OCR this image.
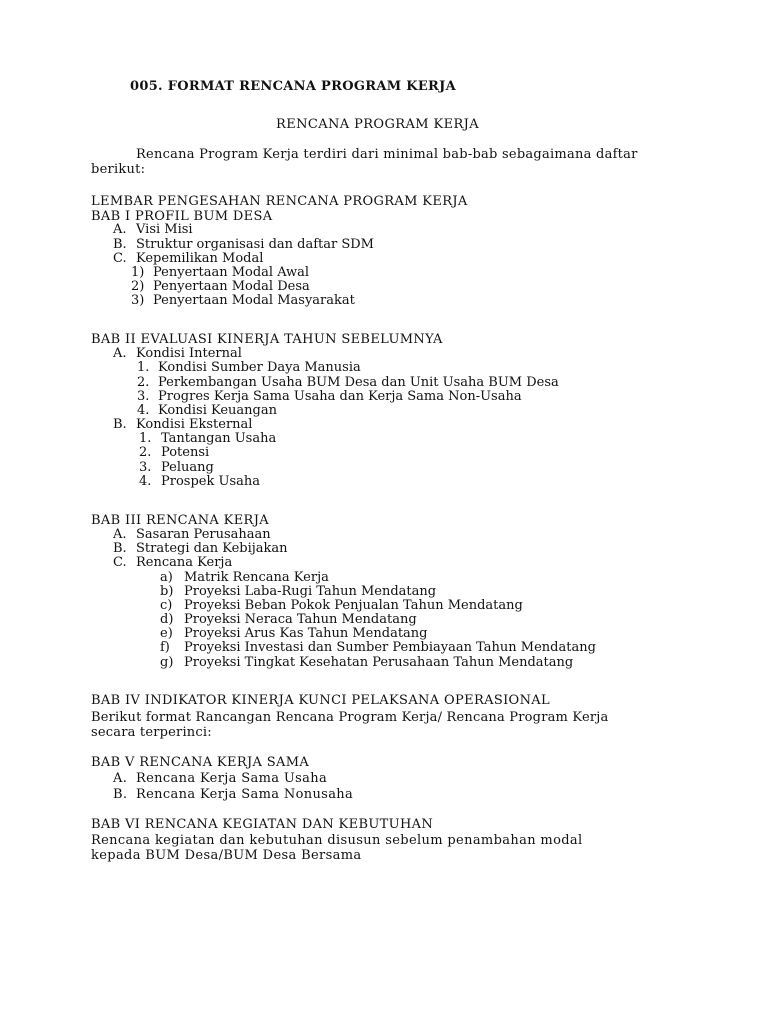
005. FORMAT RENCANA PROGRAM KERJA
RENCANA PROGRAM KERJA
Rencana Program Kerja terdiri dari minimal bab-bab sebagaimana daftar
berikut:
LEMBAR PENGESAHAN RENCANA PROGRAM KERJA
BAB I PROFIL BUM DESA
A. Visi Misi
B. Struktur organisasi dan daftar SDM
C. Kepemilikan Modal
1) Penyertaan Modal Awal
2) Penyertaan Modal Desa
3) Penyertaan Modal Masyarakat
BAB II EVALUASI KINERJA TAHUN SEBELUMNYA
A. Kondisi Internal
1. Kondisi Sumber Daya Manusia
2. Perkembangan Usaha BUM Desa dan Unit Usaha BUM Desa
3. Progres Kerja Sama Usaha dan Kerja Sama Non-Usaha
4. Kondisi Keuangan
B. Kondisi Eksternal
1. Tantangan Usaha
2. Potensi
3. Peluang
4. Prospek Usaha
BAB III RENCANA KERJA
A. Sasaran Perusahaan
B. Strategi dan Kebijakan
C. Rencana Kerja
a) Matrik Rencana Kerja
b) Proyeksi Laba-Rugi Tahun Mendatang
c) Proyeksi Beban Pokok Penjualan Tahun Mendatang
d) Proyeksi Neraca Tahun Mendatang
e) Proyeksi Arus Kas Tahun Mendatang
f) Proyeksi Investasi dan Sumber Pembiayaan Tahun Mendatang
g) Proyeksi Tingkat Kesehatan Perusahaan Tahun Mendatang
BAB IV INDIKATOR KINERJA KUNCI PELAKSANA OPERASIONAL
Berikut format Rancangan Rencana Program Kerja/ Rencana Program Kerja
secara terperinci:
BAB V RENCANA KERJA SAMA
A. Rencana Kerja Sama Usaha
B. Rencana Kerja Sama Nonusaha
BAB VI RENCANA KEGIATAN DAN KEBUTUHAN
Rencana kegiatan dan kebutuhan disusun sebelum penambahan modal
kepada BUM Desa/BUM Desa Bersama
